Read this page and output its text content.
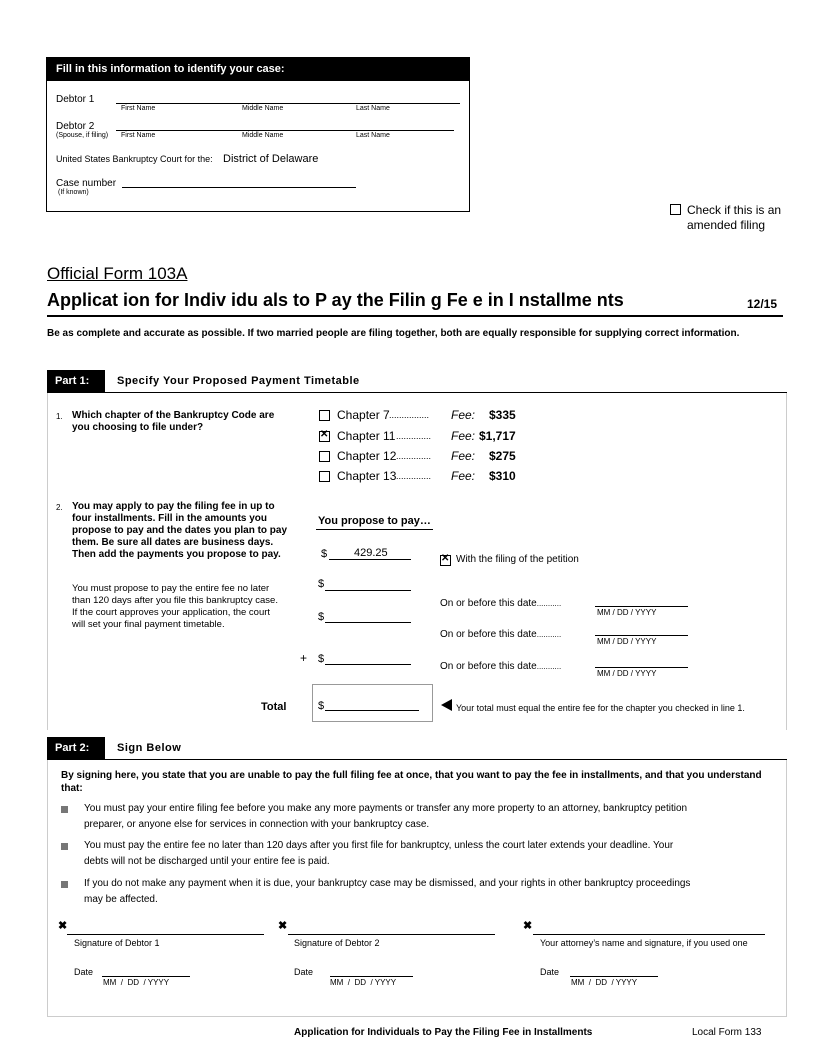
Fill in this information to identify your case:
Debtor 1
First Name	Middle Name	Last Name
Debtor 2
(Spouse, if filing) First Name	Middle Name	Last Name
United States Bankruptcy Court for the: District of Delaware
Case number
(If known)
Check if this is an
amended filing
Official Form 103A
Applicat ion for Indiv idu als to P ay the Filin g Fe e in I nstallme nts	12/15
Be as complete and accurate as possible. If two married people are filing together, both are equally responsible for supplying correct information.
Part 1:	Specify Your Proposed Payment Timetable
1. Which chapter of the Bankruptcy Code are you choosing to file under?
Chapter 7 ................ Fee: $335
✕
Chapter 11 .............. Fee: $1,717
Chapter 12 .............. Fee: $275
Chapter 13 .............. Fee: $310
2. You may apply to pay the filing fee in up to four installments. Fill in the amounts you propose to pay and the dates you plan to pay them. Be sure all dates are business days. Then add the payments you propose to pay.
You must propose to pay the entire fee no later than 120 days after you file this bankruptcy case. If the court approves your application, the court will set your final payment timetable.
You propose to pay…
$ 429.25
✕
With the filing of the petition
$
On or before this date...........
MM / DD / YYYY
$
On or before this date...........
MM / DD / YYYY
+ $
On or before this date...........
MM / DD / YYYY
Total	$	Your total must equal the entire fee for the chapter you checked in line 1.
Part 2:	Sign Below
By signing here, you state that you are unable to pay the full filing fee at once, that you want to pay the fee in installments, and that you understand that:
You must pay your entire filing fee before you make any more payments or transfer any more property to an attorney, bankruptcy petition
preparer, or anyone else for services in connection with your bankruptcy case.
You must pay the entire fee no later than 120 days after you first file for bankruptcy, unless the court later extends your deadline. Your
debts will not be discharged until your entire fee is paid.
If you do not make any payment when it is due, your bankruptcy case may be dismissed, and your rights in other bankruptcy proceedings
may be affected.
✖
Signature of Debtor 1
Date
MM  /  DD  / YYYY
✖
Signature of Debtor 2
Date
MM  /  DD  / YYYY
✖
Your attorney’s name and signature, if you used one
Date
MM  /  DD  / YYYY
Application for Individuals to Pay the Filing Fee in Installments	Local Form 133
